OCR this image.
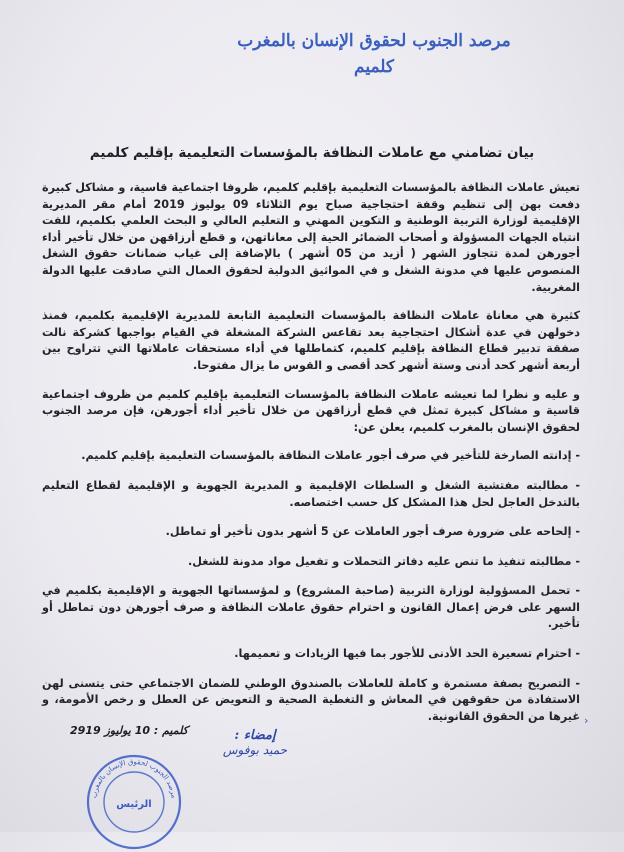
مرصد الجنوب لحقوق الإنسان بالمغرب
كلميم
بيان تضامني مع عاملات النظافة بالمؤسسات التعليمية بإقليم كلميم

تعيش عاملات النظافة بالمؤسسات التعليمية بإقليم كلميم، ظروفا اجتماعية قاسية، و مشاكل كبيرة دفعت بهن إلى تنظيم وقفة احتجاجية صباح يوم الثلاثاء 09 يوليوز 2019 أمام مقر المديرية الإقليمية لوزارة التربية الوطنية و التكوين المهني و التعليم العالي و البحث العلمي بكلميم، للفت انتباه الجهات المسؤولة و أصحاب الضمائر الحية إلى معاناتهن، و قطع أرزاقهن من خلال تأخير أداء أجورهن لمدة تتجاوز الشهر ( أزيد من 05 أشهر ) بالإضافة إلى غياب ضمانات حقوق الشغل المنصوص عليها في مدونة الشغل و في المواثيق الدولية لحقوق العمال التي صادقت عليها الدولة المغربية.

كثيرة هي معاناة عاملات النظافة بالمؤسسات التعليمية التابعة للمديرية الإقليمية بكلميم، فمنذ دخولهن في عدة أشكال احتجاجية بعد تقاعس الشركة المشغلة في القيام بواجبها كشركة نالت صفقة تدبير قطاع النظافة بإقليم كلميم، كتماطلها في أداء مستحقات عاملاتها التي تتراوح بين أربعة أشهر كحد أدنى وستة أشهر كحد أقصى و القوس ما يزال مفتوحا.

و عليه و نظرا لما تعيشه عاملات النظافة بالمؤسسات التعليمية بإقليم كلميم من ظروف اجتماعية قاسية و مشاكل كبيرة تمثل في قطع أرزاقهن من خلال تأخير أداء أجورهن، فإن مرصد الجنوب لحقوق الإنسان بالمغرب كلميم، يعلن عن:

- إدانته الصارخة للتأخير في صرف أجور عاملات النظافة بالمؤسسات التعليمية بإقليم كلميم.

- مطالبته مفتشية الشغل و السلطات الإقليمية و المديرية الجهوية و الإقليمية لقطاع التعليم بالتدخل العاجل لحل هذا المشكل كل حسب اختصاصه.

- إلحاحه على ضرورة صرف أجور العاملات عن 5 أشهر بدون تأخير أو تماطل.

- مطالبته تنفيذ ما تنص عليه دفاتر التحملات و تفعيل مواد مدونة للشغل.

- تحمل المسؤولية لوزارة التربية (صاحبة المشروع) و لمؤسساتها الجهوية و الإقليمية بكلميم في السهر على فرض إعمال القانون و احترام حقوق عاملات النظافة و صرف أجورهن دون تماطل أو تأخير.

- احترام تسعيرة الحد الأدنى للأجور بما فيها الزيادات و تعميمها.

- التصريح بصفة مستمرة و كاملة للعاملات بالصندوق الوطني للضمان الاجتماعي حتى يتسنى لهن الاستفادة من حقوقهن في المعاش و التغطية الصحية و التعويض عن العطل و رخص الأمومة، و غيرها من الحقوق القانونية. ‹
إمضاء :
حميد بوفوس
كلميم : 10 يوليوز 2919
الرئيس
مرصد الجنوب لحقوق الإنسان بالمغرب
